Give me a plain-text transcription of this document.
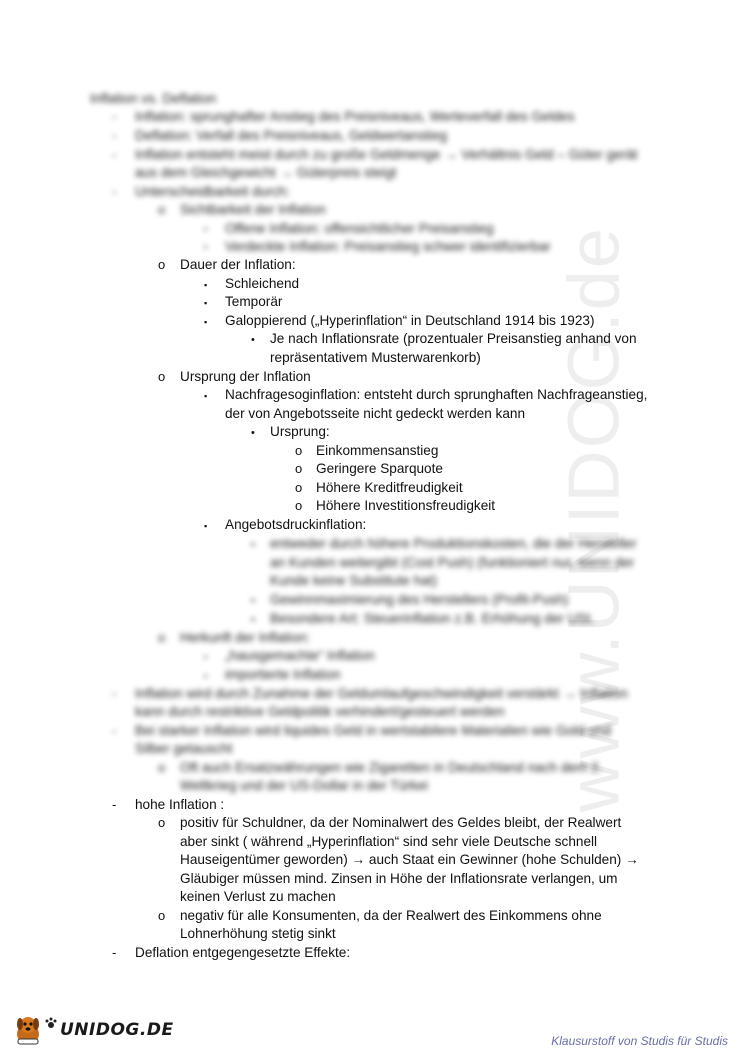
www.UNIDOG.de
Inflation vs. Deflation
- Inflation: sprunghafter Anstieg des Preisniveaus, Werteverfall des Geldes
- Deflation: Verfall des Preisniveaus, Geldwertanstieg
- Inflation entsteht meist durch zu große Geldmenge → Verhältnis Geld – Güter gerät
aus dem Gleichgewicht → Güterpreis steigt
- Unterscheidbarkeit durch:
o Sichtbarkeit der Inflation
▪ Offene Inflation: offensichtlicher Preisanstieg
▪ Verdeckte Inflation: Preisanstieg schwer identifizierbar
o Dauer der Inflation:
▪ Schleichend
▪ Temporär
▪ Galoppierend („Hyperinflation“ in Deutschland 1914 bis 1923)
• Je nach Inflationsrate (prozentualer Preisanstieg anhand von
repräsentativem Musterwarenkorb)
o Ursprung der Inflation
▪ Nachfragesoginflation: entsteht durch sprunghaften Nachfrageanstieg,
der von Angebotsseite nicht gedeckt werden kann
• Ursprung:
o Einkommensanstieg
o Geringere Sparquote
o Höhere Kreditfreudigkeit
o Höhere Investitionsfreudigkeit
▪ Angebotsdruckinflation:
• entweder durch höhere Produktionskosten, die der Hersteller
an Kunden weitergibt (Cost Push) (funktioniert nur, wenn der
Kunde keine Substitute hat)
• Gewinnmaximierung des Herstellers (Profit-Push)
• Besondere Art: Steuerinflation z.B. Erhöhung der USt.
o Herkunft der Inflation:
▪ „hausgemachte“ Inflation
▪ importierte Inflation
- Inflation wird durch Zunahme der Geldumlaufgeschwindigkeit verstärkt → Inflation
kann durch restriktive Geldpolitik verhindert/gesteuert werden
- Bei starker Inflation wird liquides Geld in wertstabilere Materialien wie Gold und
Silber getauscht
o Oft auch Ersatzwährungen wie Zigaretten in Deutschland nach dem 2.
Weltkrieg und der US-Dollar in der Türkei
- hohe Inflation :
o positiv für Schuldner, da der Nominalwert des Geldes bleibt, der Realwert
aber sinkt ( während „Hyperinflation“ sind sehr viele Deutsche schnell
Hauseigentümer geworden) → auch Staat ein Gewinner (hohe Schulden) →
Gläubiger müssen mind. Zinsen in Höhe der Inflationsrate verlangen, um
keinen Verlust zu machen
o negativ für alle Konsumenten, da der Realwert des Einkommens ohne
Lohnerhöhung stetig sinkt
- Deflation entgegengesetzte Effekte:
UNIDOG.DE
Klausurstoff von Studis für Studis
